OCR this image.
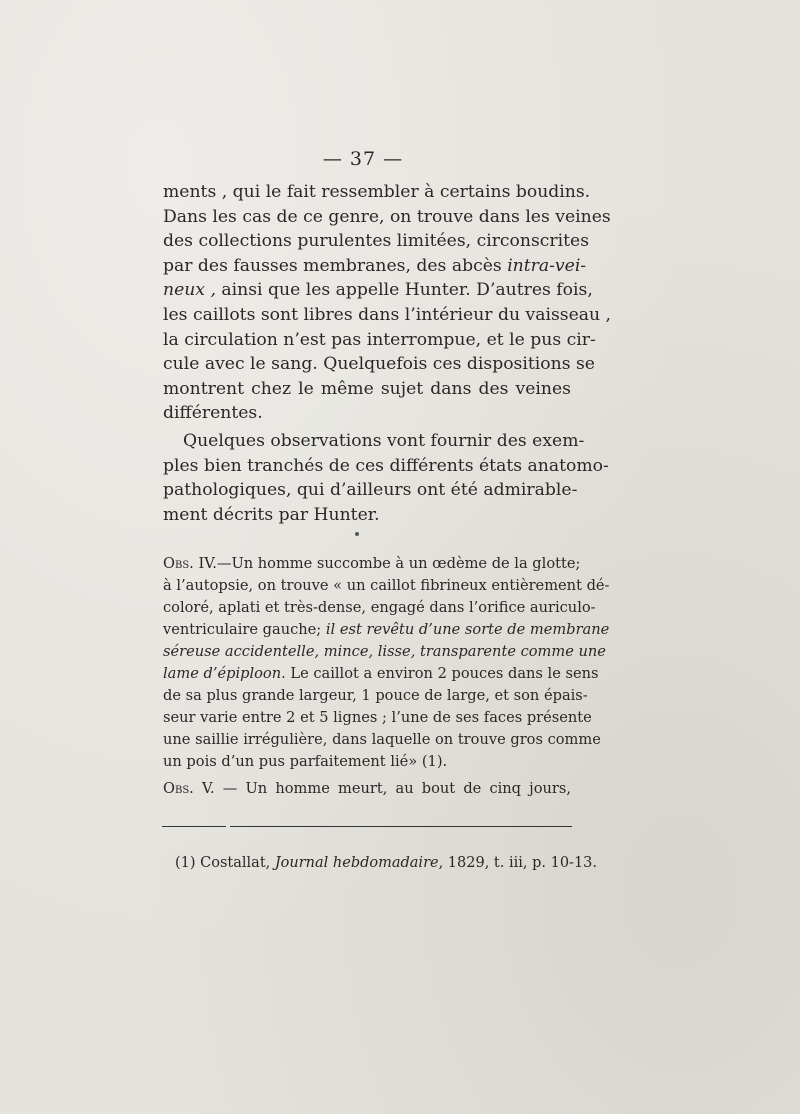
— 37 —

ments , qui le fait ressembler à certains boudins.
Dans les cas de ce genre, on trouve dans les veines
des collections purulentes limitées, circonscrites
par des fausses membranes, des abcès intra-vei-
neux , ainsi que les appelle Hunter. D’autres fois,
les caillots sont libres dans l’intérieur du vaisseau ,
la circulation n’est pas interrompue, et le pus cir-
cule avec le sang. Quelquefois ces dispositions se
montrent chez le même sujet dans des veines
différentes.

Quelques observations vont fournir des exem-
ples bien tranchés de ces différents états anatomo-
pathologiques, qui d’ailleurs ont été admirable-
ment décrits par Hunter.

Obs. IV.—Un homme succombe à un œdème de la glotte;
à l’autopsie, on trouve « un caillot fibrineux entièrement dé-
coloré, aplati et très-dense, engagé dans l’orifice auriculo-
ventriculaire gauche; il est revêtu d’une sorte de membrane
séreuse accidentelle, mince, lisse, transparente comme une
lame d’épiploon. Le caillot a environ 2 pouces dans le sens
de sa plus grande largeur, 1 pouce de large, et son épais-
seur varie entre 2 et 5 lignes ; l’une de ses faces présente
une saillie irrégulière, dans laquelle on trouve gros comme
un pois d’un pus parfaitement lié» (1).
Obs. V. — Un homme meurt, au bout de cinq jours,
(1) Costallat, Journal hebdomadaire, 1829, t. iii, p. 10-13.
